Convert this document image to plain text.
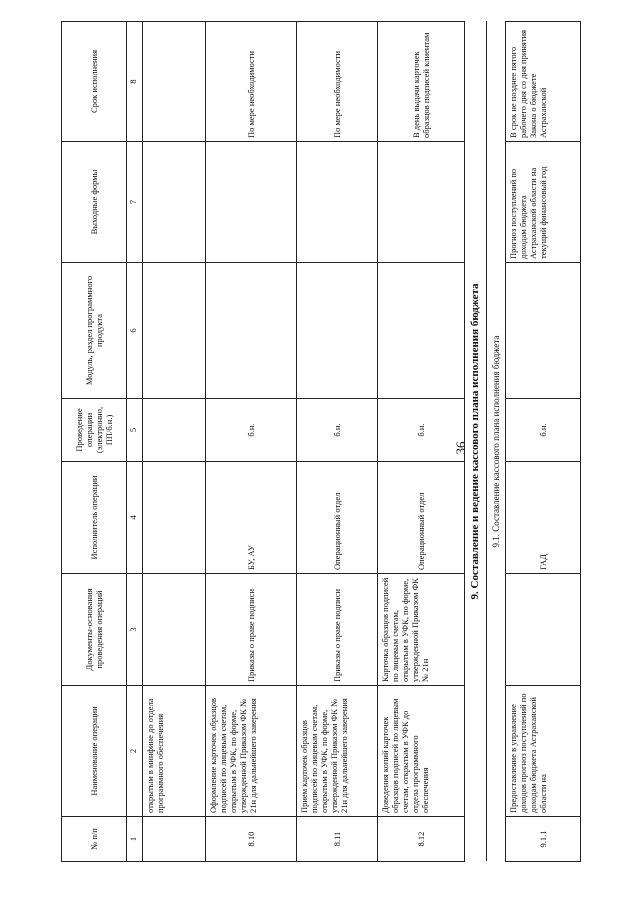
36
№ п/п	Наименование операции	Документы-основания проведения операций	Исполнитель операции	Проведение операции (электронно, ПП/б.н.)	Модуль, раздел программного продукта	Выходные формы	Срок исполнения
1	2	3	4	5	6	7	8
	открытым в минфине до отдела программного обеспечения						
8.10	Оформление карточек образцов подписей по лицевым счетам, открытым в УФК, по форме, утвержденной Приказом ФК № 21н для дальнейшего заверения	Приказы о праве подписи	БУ, АУ	б.н.			По мере необходимости
8.11	Прием карточек образцов подписей по лицевым счетам, открытым в УФК, по форме, утвержденной Приказом ФК № 21н для дальнейшего заверения	Приказы о праве подписи	Операционный отдел	б.н.			По мере необходимости
8.12	Доведения копий карточек образцов подписей по лицевым счетам, открытым в УФК до отдела программного обеспечения	Карточка образцов подписей по лицевым счетам, открытым в УФК, по форме, утвержденной Приказом ФК № 21н	Операционный отдел	б.н.			В день выдачи карточек образцов подписей клиентам
9. Составление и ведение кассового плана исполнения бюджета							
9.1. Составление кассового плана исполнения бюджета							
9.1.1	Предоставление в управление доходов прогноз поступлений по доходам бюджета Астраханской области на		ГАД	б.н.		Прогноз поступлений по доходам бюджета Астраханской области на текущий финансовый год	В срок не позднее пятого рабочего дня со дня принятия Закона о бюджете Астраханской
